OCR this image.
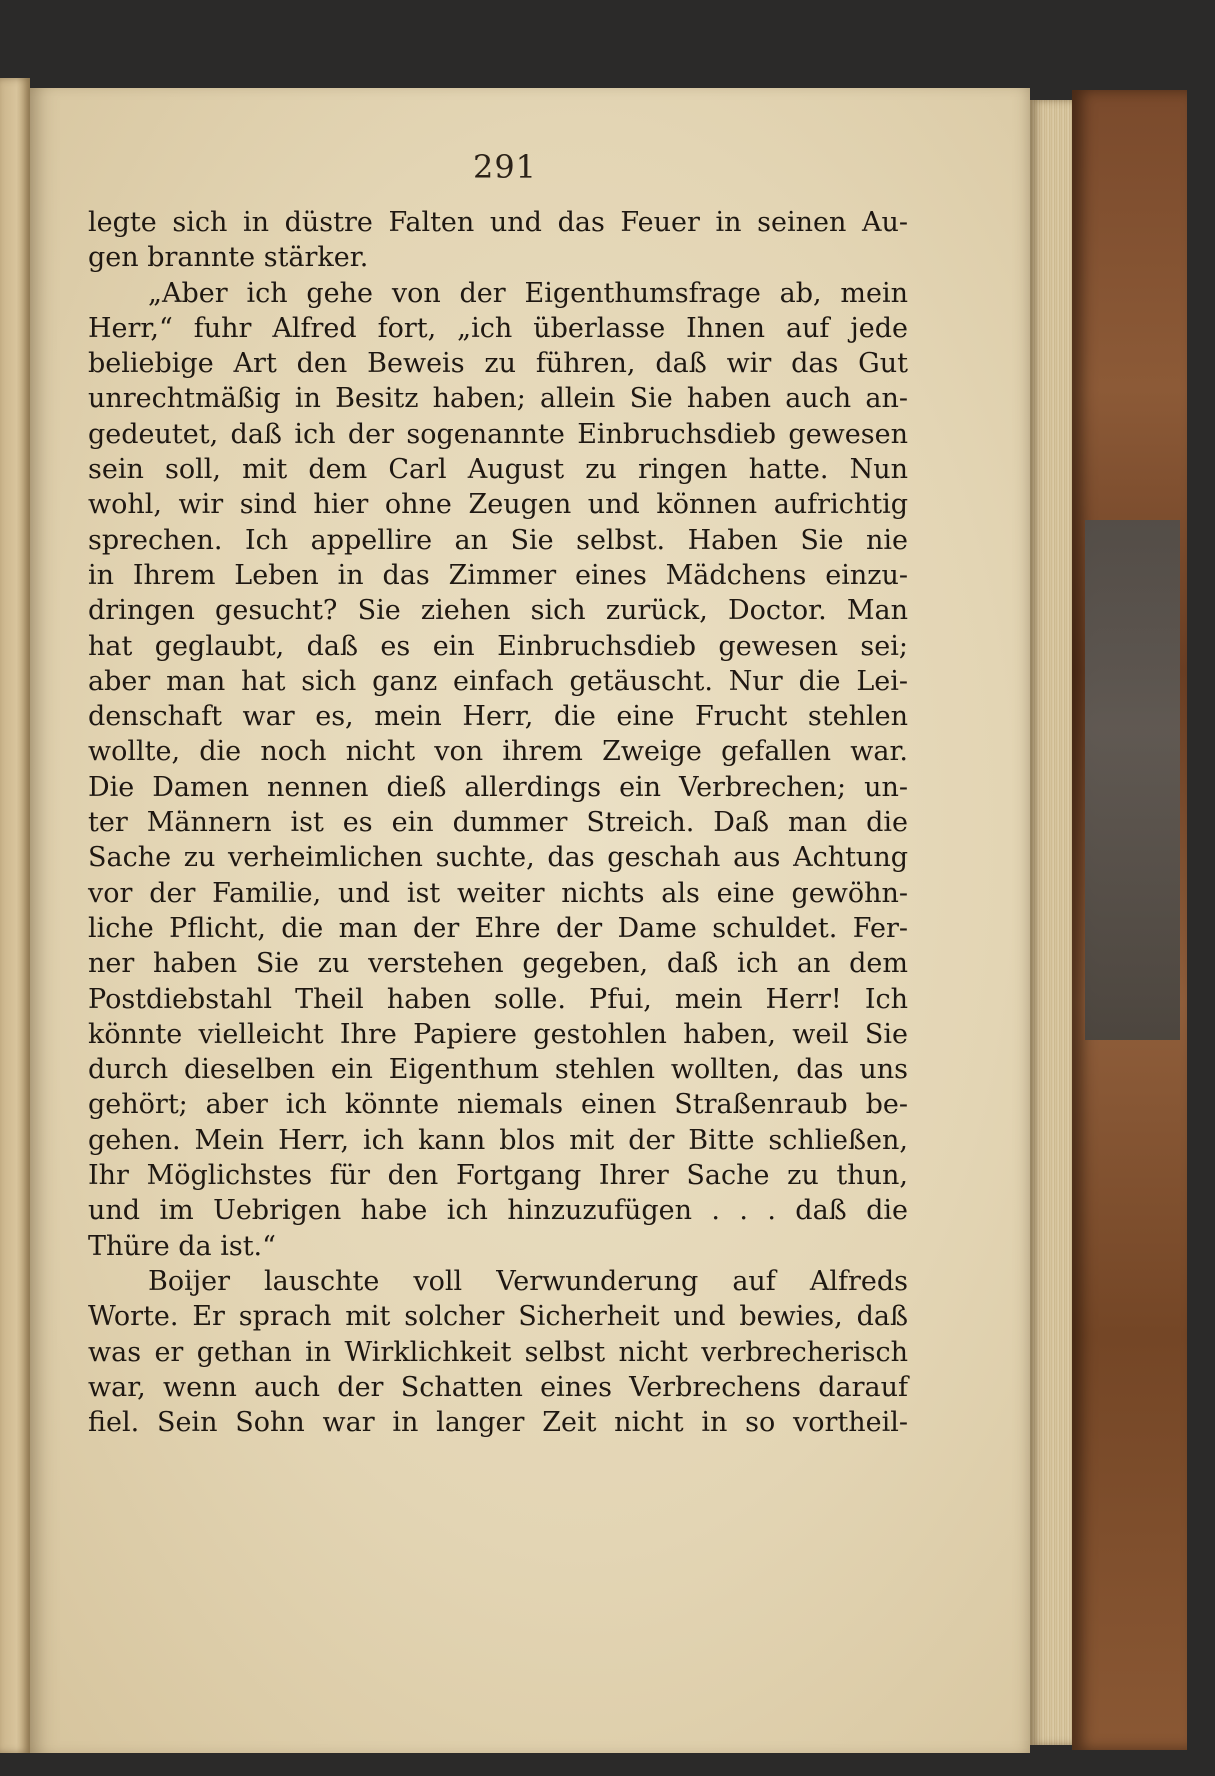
291
legte sich in düstre Falten und das Feuer in seinen Au-
gen brannte stärker.
„Aber ich gehe von der Eigenthumsfrage ab, mein
Herr,“ fuhr Alfred fort, „ich überlasse Ihnen auf jede
beliebige Art den Beweis zu führen, daß wir das Gut
unrechtmäßig in Besitz haben; allein Sie haben auch an-
gedeutet, daß ich der sogenannte Einbruchsdieb gewesen
sein soll, mit dem Carl August zu ringen hatte. Nun
wohl, wir sind hier ohne Zeugen und können aufrichtig
sprechen. Ich appellire an Sie selbst. Haben Sie nie
in Ihrem Leben in das Zimmer eines Mädchens einzu-
dringen gesucht? Sie ziehen sich zurück, Doctor. Man
hat geglaubt, daß es ein Einbruchsdieb gewesen sei;
aber man hat sich ganz einfach getäuscht. Nur die Lei-
denschaft war es, mein Herr, die eine Frucht stehlen
wollte, die noch nicht von ihrem Zweige gefallen war.
Die Damen nennen dieß allerdings ein Verbrechen; un-
ter Männern ist es ein dummer Streich. Daß man die
Sache zu verheimlichen suchte, das geschah aus Achtung
vor der Familie, und ist weiter nichts als eine gewöhn-
liche Pflicht, die man der Ehre der Dame schuldet. Fer-
ner haben Sie zu verstehen gegeben, daß ich an dem
Postdiebstahl Theil haben solle. Pfui, mein Herr! Ich
könnte vielleicht Ihre Papiere gestohlen haben, weil Sie
durch dieselben ein Eigenthum stehlen wollten, das uns
gehört; aber ich könnte niemals einen Straßenraub be-
gehen. Mein Herr, ich kann blos mit der Bitte schließen,
Ihr Möglichstes für den Fortgang Ihrer Sache zu thun,
und im Uebrigen habe ich hinzuzufügen . . . daß die
Thüre da ist.“
Boijer lauschte voll Verwunderung auf Alfreds
Worte. Er sprach mit solcher Sicherheit und bewies, daß
was er gethan in Wirklichkeit selbst nicht verbrecherisch
war, wenn auch der Schatten eines Verbrechens darauf
fiel. Sein Sohn war in langer Zeit nicht in so vortheil-
